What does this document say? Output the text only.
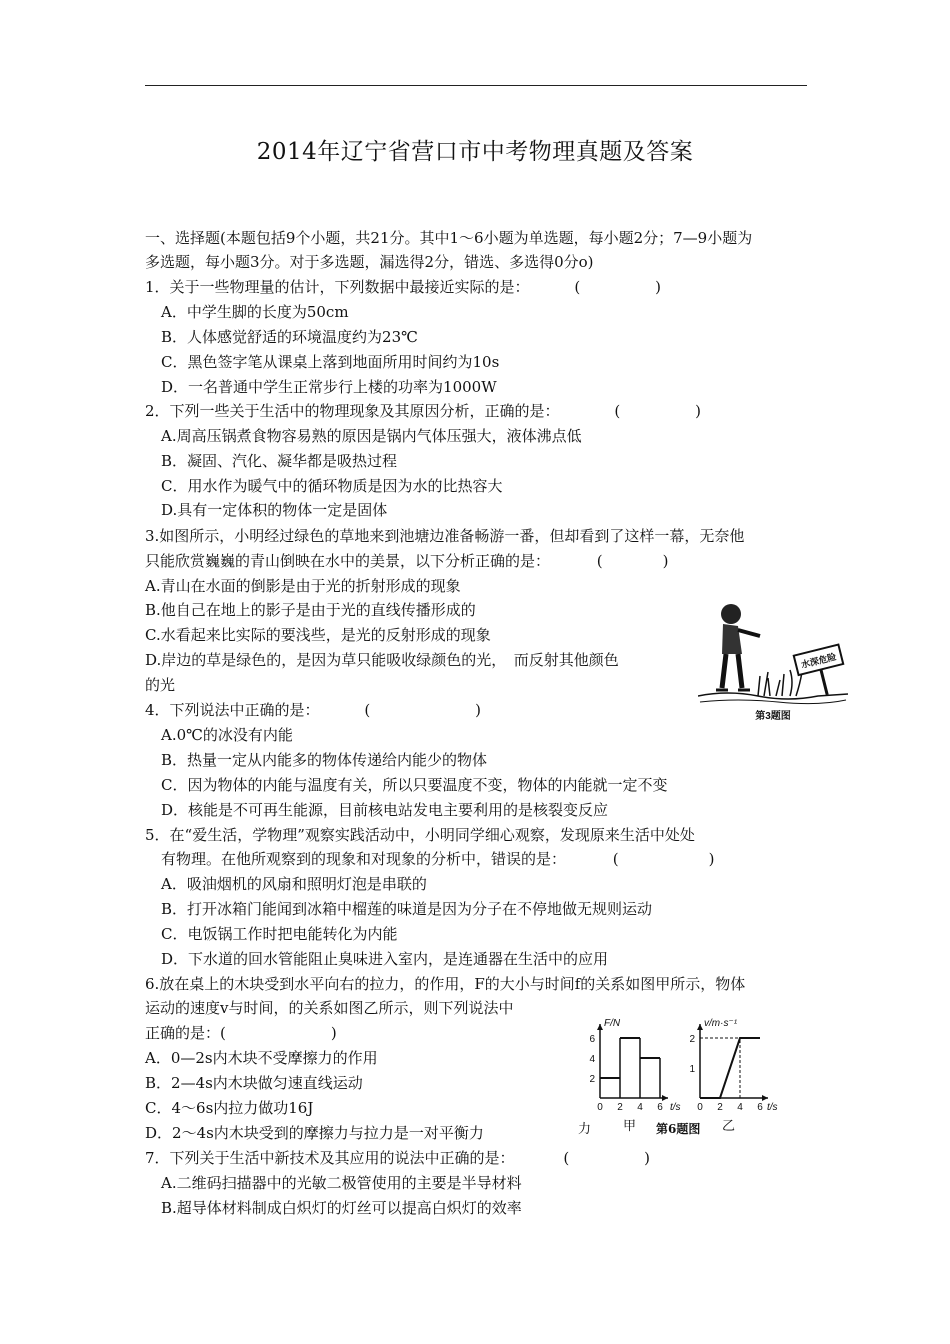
2014年辽宁省营口市中考物理真题及答案
一、选择题(本题包括9个小题，共21分。其中1～6小题为单选题，每小题2分；7—9小题为
多选题，每小题3分。对于多选题，漏选得2分，错选、多选得0分o)
1．关于一些物理量的估计，下列数据中最接近实际的是：	(　　　　　)
A．中学生脚的长度为50cm
B．人体感觉舒适的环境温度约为23℃
C．黑色签字笔从课桌上落到地面所用时间约为10s
D．一名普通中学生正常步行上楼的功率为1000W
2．下列一些关于生活中的物理现象及其原因分析，正确的是：	(　　　　　)
A.周高压锅煮食物容易熟的原因是锅内气体压强大，液体沸点低
B．凝固、汽化、凝华都是吸热过程
C．用水作为暖气中的循环物质是因为水的比热容大
D.具有一定体积的物体一定是固体
3.如图所示，小明经过绿色的草地来到池塘边准备畅游一番，但却看到了这样一幕，无奈他
只能欣赏巍巍的青山倒映在水中的美景，以下分析正确的是：	(　　　　)
A.青山在水面的倒影是由于光的折射形成的现象
B.他自己在地上的影子是由于光的直线传播形成的
C.水看起来比实际的要浅些，是光的反射形成的现象
D.岸边的草是绿色的，是因为草只能吸收绿颜色的光，　而反射其他颜色
的光
水深危险
第3题图
4．下列说法中正确的是：	(　　　　　　　)
A.0℃的冰没有内能
B．热量一定从内能多的物体传递给内能少的物体
C．因为物体的内能与温度有关，所以只要温度不变，物体的内能就一定不变
D．核能是不可再生能源，目前核电站发电主要利用的是核裂变反应
5．在“爱生活，学物理”观察实践活动中，小明同学细心观察，发现原来生活中处处
有物理。在他所观察到的现象和对现象的分析中，错误的是：	(　　　　　　)
A．吸油烟机的风扇和照明灯泡是串联的
B．打开冰箱门能闻到冰箱中榴莲的味道是因为分子在不停地做无规则运动
C．电饭锅工作时把电能转化为内能
D．下水道的回水管能阻止臭味进入室内，是连通器在生活中的应用
6.放在桌上的木块受到水平向右的拉力，的作用，F的大小与时间f的关系如图甲所示，物体
运动的速度v与时间，的关系如图乙所示，则下列说法中
正确的是：(　　　　　　　)
A．0—2s内木块不受摩擦力的作用
B．2—4s内木块做匀速直线运动
C．4～6s内拉力做功16J
D．2～4s内木块受到的摩擦力与拉力是一对平衡力
F/N
t/s
0 2 4 6
2
4
6
v/m·s⁻¹
t/s
0 2 4 6
1
2
力 甲 第6题图 乙
7．下列关于生活中新技术及其应用的说法中正确的是：	(　　　　　)
A.二维码扫描器中的光敏二极管使用的主要是半导材料
B.超导体材料制成白炽灯的灯丝可以提高白炽灯的效率
